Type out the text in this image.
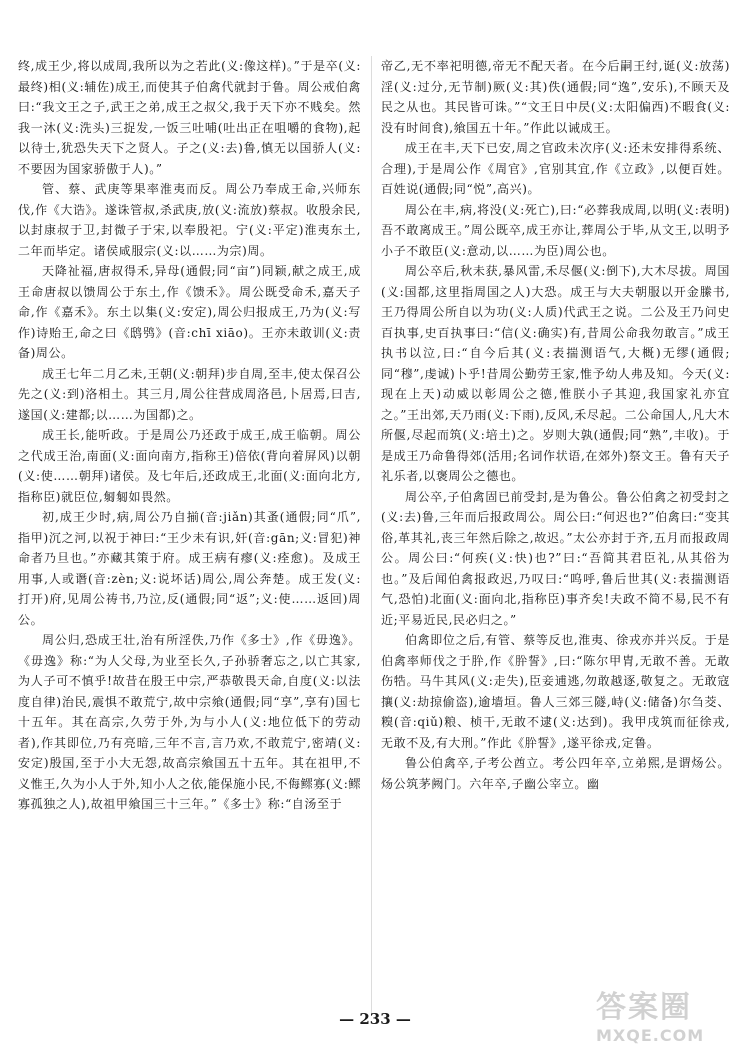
终,成王少,将以成周,我所以为之若此(义:像这样)。”于是卒(义:最终)相(义:辅佐)成王,而使其子伯禽代就封于鲁。周公戒伯禽曰:“我文王之子,武王之弟,成王之叔父,我于天下亦不贱矣。然我一沐(义:洗头)三捉发,一饭三吐哺(吐出正在咀嚼的食物),起以待士,犹恐失天下之贤人。子之(义:去)鲁,慎无以国骄人(义:不要因为国家骄傲于人)。”

管、蔡、武庚等果率淮夷而反。周公乃奉成王命,兴师东伐,作《大诰》。遂诛管叔,杀武庚,放(义:流放)蔡叔。收殷余民,以封康叔于卫,封微子于宋,以奉殷祀。宁(义:平定)淮夷东土,二年而毕定。诸侯咸服宗(义:以……为宗)周。

天降祉福,唐叔得禾,异母(通假;同“亩”)同颖,献之成王,成王命唐叔以馈周公于东土,作《馈禾》。周公既受命禾,嘉天子命,作《嘉禾》。东土以集(义:安定),周公归报成王,乃为(义:写作)诗贻王,命之曰《鸱鸮》(音:chī xiāo)。王亦未敢训(义:责备)周公。

成王七年二月乙未,王朝(义:朝拜)步自周,至丰,使太保召公先之(义:到)洛相土。其三月,周公往营成周洛邑,卜居焉,曰吉,遂国(义:建都;以……为国都)之。

成王长,能听政。于是周公乃还政于成王,成王临朝。周公之代成王治,南面(义:面向南方,指称王)倍依(背向着屏风)以朝(义:使……朝拜)诸侯。及七年后,还政成王,北面(义:面向北方,指称臣)就臣位,匔匔如畏然。

初,成王少时,病,周公乃自揃(音:jiǎn)其蚤(通假;同“爪”,指甲)沉之河,以祝于神曰:“王少未有识,奸(音:gān;义:冒犯)神命者乃旦也。”亦藏其策于府。成王病有瘳(义:痊愈)。及成王用事,人或谮(音:zèn;义:说坏话)周公,周公奔楚。成王发(义:打开)府,见周公祷书,乃泣,反(通假;同“返”;义:使……返回)周公。

周公归,恐成王壮,治有所淫佚,乃作《多士》,作《毋逸》。《毋逸》称:“为人父母,为业至长久,子孙骄奢忘之,以亡其家,为人子可不慎乎!故昔在殷王中宗,严恭敬畏天命,自度(义:以法度自律)治民,震惧不敢荒宁,故中宗飨(通假;同“享”,享有)国七十五年。其在高宗,久劳于外,为与小人(义:地位低下的劳动者),作其即位,乃有亮暗,三年不言,言乃欢,不敢荒宁,密靖(义:安定)殷国,至于小大无怨,故高宗飨国五十五年。其在祖甲,不义惟王,久为小人于外,知小人之依,能保施小民,不侮鳏寡(义:鳏寡孤独之人),故祖甲飨国三十三年。”《多士》称:“自汤至于

帝乙,无不率祀明德,帝无不配天者。在今后嗣王纣,诞(义:放荡)淫(义:过分,无节制)厥(义:其)佚(通假;同“逸”,安乐),不顾天及民之从也。其民皆可诛。”“文王日中昃(义:太阳偏西)不暇食(义:没有时间食),飨国五十年。”作此以诫成王。

成王在丰,天下已安,周之官政未次序(义:还未安排得系统、合理),于是周公作《周官》,官别其宜,作《立政》,以便百姓。百姓说(通假;同“悦”,高兴)。

周公在丰,病,将没(义:死亡),曰:“必葬我成周,以明(义:表明)吾不敢离成王。”周公既卒,成王亦让,葬周公于毕,从文王,以明予小子不敢臣(义:意动,以……为臣)周公也。

周公卒后,秋未获,暴风雷,禾尽偃(义:倒下),大木尽拔。周国(义:国都,这里指周国之人)大恐。成王与大夫朝服以开金縢书,王乃得周公所自以为功(义:人质)代武王之说。二公及王乃问史百执事,史百执事曰:“信(义:确实)有,昔周公命我勿敢言。”成王执书以泣,曰:“自今后其(义:表揣测语气,大概)无缪(通假;同“穆”,虔诚)卜乎!昔周公勤劳王家,惟予幼人弗及知。今天(义:现在上天)动威以彰周公之德,惟朕小子其迎,我国家礼亦宜之。”王出郊,天乃雨(义:下雨),反风,禾尽起。二公命国人,凡大木所偃,尽起而筑(义:培土)之。岁则大孰(通假;同“熟”,丰收)。于是成王乃命鲁得郊(活用;名词作状语,在郊外)祭文王。鲁有天子礼乐者,以褒周公之德也。

周公卒,子伯禽固已前受封,是为鲁公。鲁公伯禽之初受封之(义:去)鲁,三年而后报政周公。周公曰:“何迟也?”伯禽曰:“变其俗,革其礼,丧三年然后除之,故迟。”太公亦封于齐,五月而报政周公。周公曰:“何疾(义:快)也?”曰:“吾简其君臣礼,从其俗为也。”及后闻伯禽报政迟,乃叹曰:“呜呼,鲁后世其(义:表揣测语气,恐怕)北面(义:面向北,指称臣)事齐矣!夫政不简不易,民不有近;平易近民,民必归之。”

伯禽即位之后,有管、蔡等反也,淮夷、徐戎亦并兴反。于是伯禽率师伐之于肸,作《肸誓》,曰:“陈尔甲胄,无敢不善。无敢伤牿。马牛其风(义:走失),臣妾逋逃,勿敢越逐,敬复之。无敢寇攘(义:劫掠偷盗),逾墙垣。鲁人三郊三隧,峙(义:储备)尔刍茭、糗(音:qiǔ)粮、桢干,无敢不逮(义:达到)。我甲戌筑而征徐戎,无敢不及,有大刑。”作此《肸誓》,遂平徐戎,定鲁。

鲁公伯禽卒,子考公酋立。考公四年卒,立弟熙,是谓炀公。炀公筑茅阙门。六年卒,子幽公宰立。幽

— 233 —	答案圈
MXQE.COM
